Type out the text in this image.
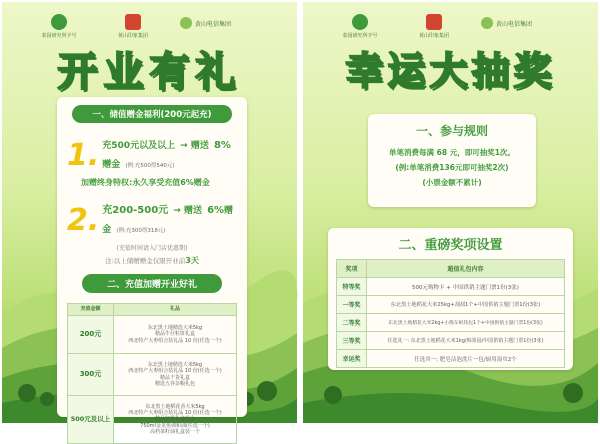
泰园研究所字号	黄山印象集团
黄山电信集团
开业有礼
一、储值赠金福利(200元起充)
1. 充500元以及以上 → 赠送 8%赠金 (例:充500得540元)
加赠终身特权:永久享受充值6%赠金
2. 充200-500元 → 赠送 6%赠金 (例:充300得318元)
(充值时间请入门店优惠期)
注:以上储赠赠金仅限开业前3天
二、充值加赠开业好礼
充值金额	礼品
200元	东北黑土地精选大米5kg
精品牛仔粒饼礼盒
西北特产大枣组合装礼品 10 份(任选一个)

300元	东北黑土地精选大米5kg
西北特产大枣组合装礼品 10 份(任选一个)
精品干货礼盒
精选五谷杂粮礼包

500元及以上	东北黑土地稻花香大米5kg
西北特产大枣组合装礼品 10 份(任选一个)
精品坚果礼盒组合
750ml金龙鱼调和油(任选一个)
高档菜籽油礼盒装一个
泰园研究所字号	黄山印象集团
黄山电信集团
幸运大抽奖
一、参与规则
单笔消费每满 68 元，即可抽奖1次。
(例:单笔消费136元即可抽奖2次)
(小票金额不累计)
二、重磅奖项设置
奖项	超值礼包内容
特等奖	500元购物卡 + 中国供销主题门票1份(3张)
一等奖	东北黑土地稻花大米25kg+刮刮1个+中国供销主题门票1份(3张)
二等奖	东北黑土地稻花大米2kg+小熊车纸钱包1个+中国供销主题门票1份(3张)
三等奖	任选其一: 东北黑土地稻花大米1kg/韩果园/中国供销主题门票1份(3张)
幸运奖	任选其一: 肥皂沾泡洗片一包/厨用湿巾2个
